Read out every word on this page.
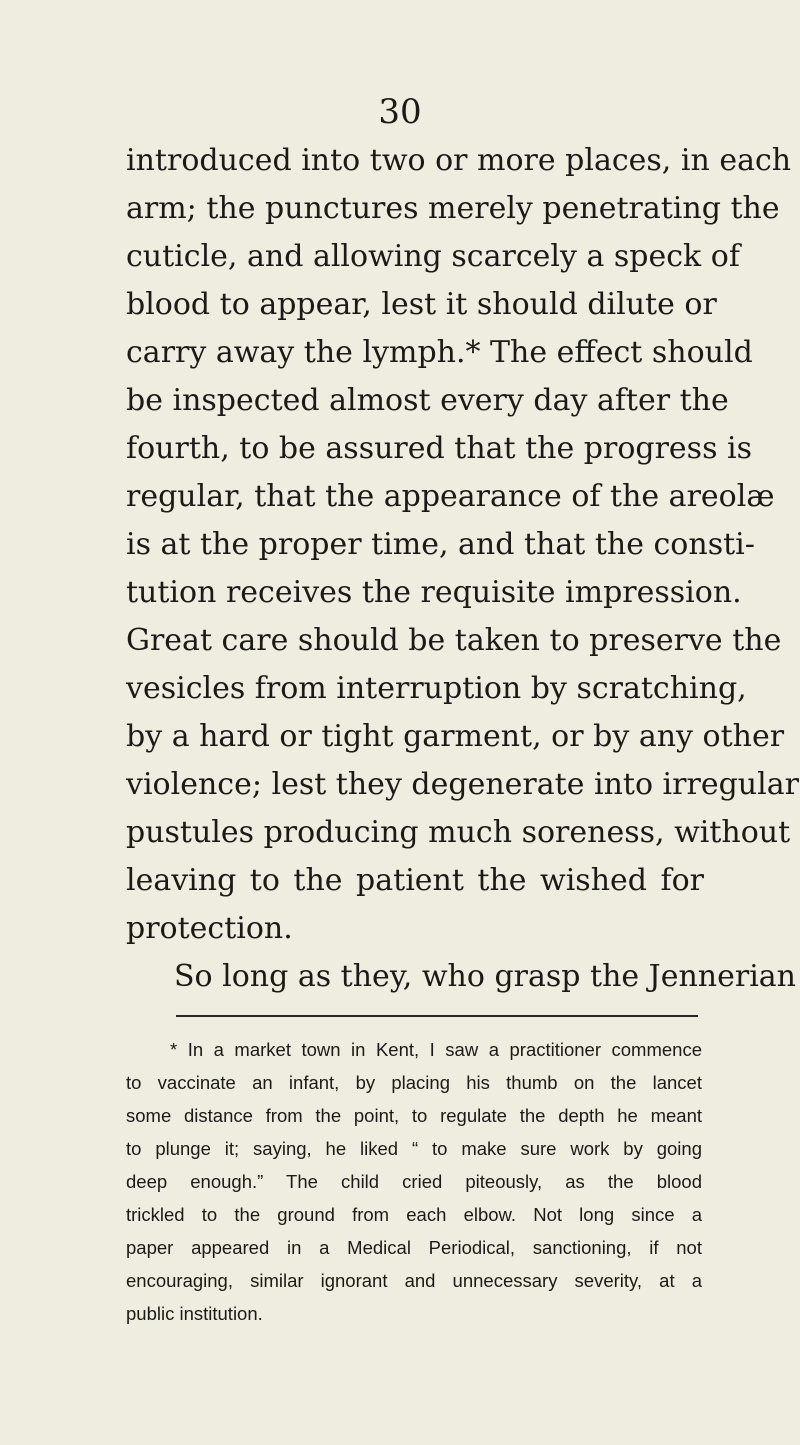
30
introduced into two or more places, in each
arm; the punctures merely penetrating the
cuticle, and allowing scarcely a speck of
blood to appear, lest it should dilute or
carry away the lymph.* The effect should
be inspected almost every day after the
fourth, to be assured that the progress is
regular, that the appearance of the areolæ
is at the proper time, and that the consti-
tution receives the requisite impression.
Great care should be taken to preserve the
vesicles from interruption by scratching,
by a hard or tight garment, or by any other
violence; lest they degenerate into irregular
pustules producing much soreness, without
leaving to the patient the wished for
protection.
So long as they, who grasp the Jennerian
* In a market town in Kent, I saw a practitioner commence
to vaccinate an infant, by placing his thumb on the lancet
some distance from the point, to regulate the depth he meant
to plunge it; saying, he liked “ to make sure work by going
deep enough.” The child cried piteously, as the blood
trickled to the ground from each elbow. Not long since a
paper appeared in a Medical Periodical, sanctioning, if not
encouraging, similar ignorant and unnecessary severity, at a
public institution.
